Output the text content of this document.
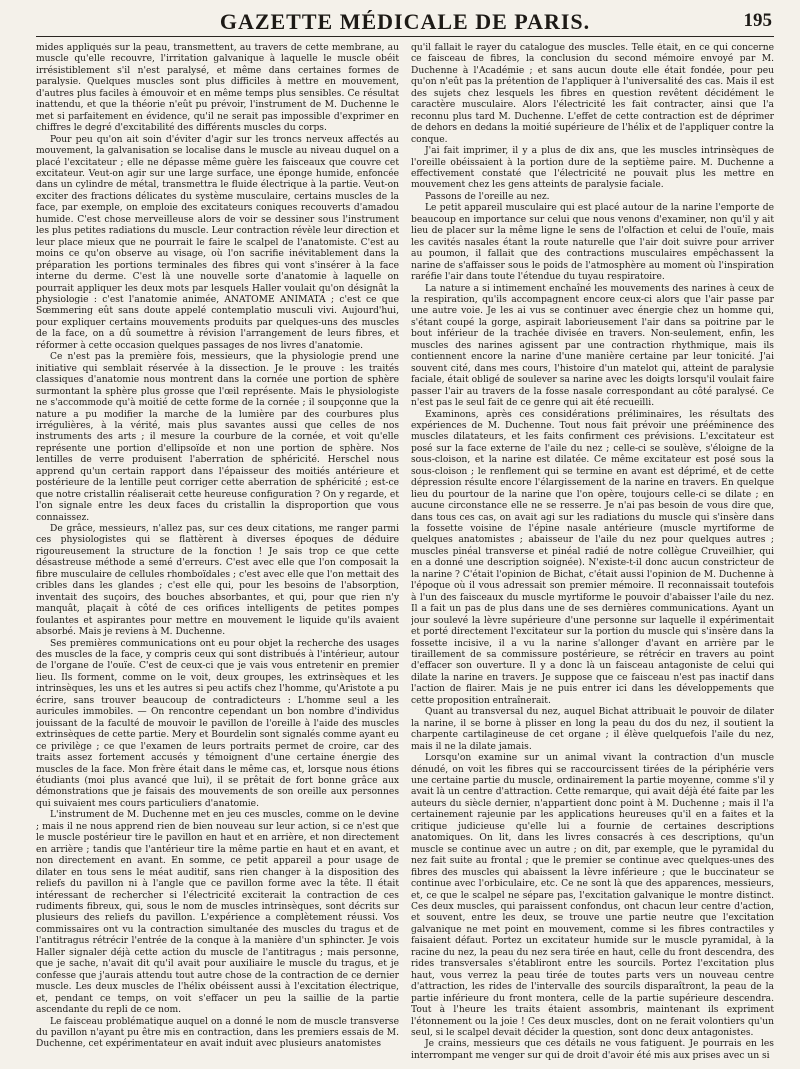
GAZETTE MÉDICALE DE PARIS.	195

mides appliqués sur la peau, transmettent, au travers de cette membrane, au muscle qu'elle recouvre, l'irritation galvanique à laquelle le muscle obéit irrésistiblement s'il n'est paralysé, et même dans certaines formes de paralysie. Quelques muscles sont plus difficiles à mettre en mouvement, d'autres plus faciles à émouvoir et en même temps plus sensibles. Ce résultat inattendu, et que la théorie n'eût pu prévoir, l'instrument de M. Duchenne le met si parfaitement en évidence, qu'il ne serait pas impossible d'exprimer en chiffres le degré d'excitabilité des différents muscles du corps.

Pour peu qu'on ait soin d'éviter d'agir sur les troncs nerveux affectés au mouvement, la galvanisation se localise dans le muscle au niveau duquel on a placé l'excitateur ; elle ne dépasse même guère les faisceaux que couvre cet excitateur. Veut-on agir sur une large surface, une éponge humide, enfoncée dans un cylindre de métal, transmettra le fluide électrique à la partie. Veut-on exciter des fractions délicates du système musculaire, certains muscles de la face, par exemple, on emploie des excitateurs coniques recouverts d'amadou humide. C'est chose merveilleuse alors de voir se dessiner sous l'instrument les plus petites radiations du muscle. Leur contraction révèle leur direction et leur place mieux que ne pourrait le faire le scalpel de l'anatomiste. C'est au moins ce qu'on observe au visage, où l'on sacrifie inévitablement dans la préparation les portions terminales des fibres qui vont s'insérer à la face interne du derme. C'est là une nouvelle sorte d'anatomie à laquelle on pourrait appliquer les deux mots par lesquels Haller voulait qu'on désignât la physiologie : c'est l'anatomie animée, ANATOME ANIMATA ; c'est ce que Sœmmering eût sans doute appelé contemplatio musculi vivi. Aujourd'hui, pour expliquer certains mouvements produits par quelques-uns des muscles de la face, on a dû soumettre à révision l'arrangement de leurs fibres, et réformer à cette occasion quelques passages de nos livres d'anatomie.

Ce n'est pas la première fois, messieurs, que la physiologie prend une initiative qui semblait réservée à la dissection. Je le prouve : les traités classiques d'anatomie nous montrent dans la cornée une portion de sphère surmontant la sphère plus grosse que l'œil représente. Mais le physiologiste ne s'accommode qu'à moitié de cette forme de la cornée ; il soupçonne que la nature a pu modifier la marche de la lumière par des courbures plus irrégulières, à la vérité, mais plus savantes aussi que celles de nos instruments des arts ; il mesure la courbure de la cornée, et voit qu'elle représente une portion d'ellipsoïde et non une portion de sphère. Nos lentilles de verre produisent l'aberration de sphéricité. Herschel nous apprend qu'un certain rapport dans l'épaisseur des moitiés antérieure et postérieure de la lentille peut corriger cette aberration de sphéricité ; est-ce que notre cristallin réaliserait cette heureuse configuration ? On y regarde, et l'on signale entre les deux faces du cristallin la disproportion que vous connaissez.

De grâce, messieurs, n'allez pas, sur ces deux citations, me ranger parmi ces physiologistes qui se flattèrent à diverses époques de déduire rigoureusement la structure de la fonction ! Je sais trop ce que cette désastreuse méthode a semé d'erreurs. C'est avec elle que l'on composait la fibre musculaire de cellules rhomboïdales ; c'est avec elle que l'on mettait des cribles dans les glandes ; c'est elle qui, pour les besoins de l'absorption, inventait des suçoirs, des bouches absorbantes, et qui, pour que rien n'y manquât, plaçait à côté de ces orifices intelligents de petites pompes foulantes et aspirantes pour mettre en mouvement le liquide qu'ils avaient absorbé. Mais je reviens à M. Duchenne.

Ses premières communications ont eu pour objet la recherche des usages des muscles de la face, y compris ceux qui sont distribués à l'intérieur, autour de l'organe de l'ouïe. C'est de ceux-ci que je vais vous entretenir en premier lieu. Ils forment, comme on le voit, deux groupes, les extrinsèques et les intrinsèques, les uns et les autres si peu actifs chez l'homme, qu'Aristote a pu écrire, sans trouver beaucoup de contradicteurs : L'homme seul a les auricules immobiles. — On rencontre cependant un bon nombre d'individus jouissant de la faculté de mouvoir le pavillon de l'oreille à l'aide des muscles extrinsèques de cette partie. Mery et Bourdelin sont signalés comme ayant eu ce privilège ; ce que l'examen de leurs portraits permet de croire, car des traits assez fortement accusés y témoignent d'une certaine énergie des muscles de la face. Mon frère était dans le même cas, et, lorsque nous étions étudiants (moi plus avancé que lui), il se prêtait de fort bonne grâce aux démonstrations que je faisais des mouvements de son oreille aux personnes qui suivaient mes cours particuliers d'anatomie.

L'instrument de M. Duchenne met en jeu ces muscles, comme on le devine ; mais il ne nous apprend rien de bien nouveau sur leur action, si ce n'est que le muscle postérieur tire le pavillon en haut et en arrière, et non directement en arrière ; tandis que l'antérieur tire la même partie en haut et en avant, et non directement en avant. En somme, ce petit appareil a pour usage de dilater en tous sens le méat auditif, sans rien changer à la disposition des reliefs du pavillon ni à l'angle que ce pavillon forme avec la tête. Il était intéressant de rechercher si l'électricité exciterait la contraction de ces rudiments fibreux, qui, sous le nom de muscles intrinsèques, sont décrits sur plusieurs des reliefs du pavillon. L'expérience a complètement réussi. Vos commissaires ont vu la contraction simultanée des muscles du tragus et de l'antitragus rétrécir l'entrée de la conque à la manière d'un sphincter. Je vois Haller signaler déjà cette action du muscle de l'antitragus ; mais personne, que je sache, n'avait dit qu'il avait pour auxiliaire le muscle du tragus, et je confesse que j'aurais attendu tout autre chose de la contraction de ce dernier muscle. Les deux muscles de l'hélix obéissent aussi à l'excitation électrique, et, pendant ce temps, on voit s'effacer un peu la saillie de la partie ascendante du repli de ce nom.

Le faisceau problématique auquel on a donné le nom de muscle transverse du pavillon n'ayant pu être mis en contraction, dans les premiers essais de M. Duchenne, cet expérimentateur en avait induit avec plusieurs anatomistes

qu'il fallait le rayer du catalogue des muscles. Telle était, en ce qui concerne ce faisceau de fibres, la conclusion du second mémoire envoyé par M. Duchenne à l'Académie ; et sans aucun doute elle était fondée, pour peu qu'on n'eût pas la prétention de l'appliquer à l'universalité des cas. Mais il est des sujets chez lesquels les fibres en question revêtent décidément le caractère musculaire. Alors l'électricité les fait contracter, ainsi que l'a reconnu plus tard M. Duchenne. L'effet de cette contraction est de déprimer de dehors en dedans la moitié supérieure de l'hélix et de l'appliquer contre la conque.

J'ai fait imprimer, il y a plus de dix ans, que les muscles intrinsèques de l'oreille obéissaient à la portion dure de la septième paire. M. Duchenne a effectivement constaté que l'électricité ne pouvait plus les mettre en mouvement chez les gens atteints de paralysie faciale.

Passons de l'oreille au nez.

Le petit appareil musculaire qui est placé autour de la narine l'emporte de beaucoup en importance sur celui que nous venons d'examiner, non qu'il y ait lieu de placer sur la même ligne le sens de l'olfaction et celui de l'ouïe, mais les cavités nasales étant la route naturelle que l'air doit suivre pour arriver au poumon, il fallait que des contractions musculaires empêchassent la narine de s'affaisser sous le poids de l'atmosphère au moment où l'inspiration raréfie l'air dans toute l'étendue du tuyau respiratoire.

La nature a si intimement enchaîné les mouvements des narines à ceux de la respiration, qu'ils accompagnent encore ceux-ci alors que l'air passe par une autre voie. Je les ai vus se continuer avec énergie chez un homme qui, s'étant coupé la gorge, aspirait laborieusement l'air dans sa poitrine par le bout inférieur de la trachée divisée en travers. Non-seulement, enfin, les muscles des narines agissent par une contraction rhythmique, mais ils contiennent encore la narine d'une manière certaine par leur tonicité. J'ai souvent cité, dans mes cours, l'histoire d'un matelot qui, atteint de paralysie faciale, était obligé de soulever sa narine avec les doigts lorsqu'il voulait faire passer l'air au travers de la fosse nasale correspondant au côté paralysé. Ce n'est pas le seul fait de ce genre qui ait été recueilli.

Examinons, après ces considérations préliminaires, les résultats des expériences de M. Duchenne. Tout nous fait prévoir une prééminence des muscles dilatateurs, et les faits confirment ces prévisions. L'excitateur est posé sur la face externe de l'aile du nez ; celle-ci se soulève, s'éloigne de la sous-cloison, et la narine est dilatée. Ce même excitateur est posé sous la sous-cloison ; le renflement qui se termine en avant est déprimé, et de cette dépression résulte encore l'élargissement de la narine en travers. En quelque lieu du pourtour de la narine que l'on opère, toujours celle-ci se dilate ; en aucune circonstance elle ne se resserre. Je n'ai pas besoin de vous dire que, dans tous ces cas, on avait agi sur les radiations du muscle qui s'insère dans la fossette voisine de l'épine nasale antérieure (muscle myrtiforme de quelques anatomistes ; abaisseur de l'aile du nez pour quelques autres ; muscles pinéal transverse et pinéal radié de notre collègue Cruveilhier, qui en a donné une description soignée). N'existe-t-il donc aucun constricteur de la narine ? C'était l'opinion de Bichat, c'était aussi l'opinion de M. Duchenne à l'époque où il vous adressait son premier mémoire. Il reconnaissait toutefois à l'un des faisceaux du muscle myrtiforme le pouvoir d'abaisser l'aile du nez. Il a fait un pas de plus dans une de ses dernières communications. Ayant un jour soulevé la lèvre supérieure d'une personne sur laquelle il expérimentait et porté directement l'excitateur sur la portion du muscle qui s'insère dans la fossette incisive, il a vu la narine s'allonger d'avant en arrière par le tiraillement de sa commissure postérieure, se rétrécir en travers au point d'effacer son ouverture. Il y a donc là un faisceau antagoniste de celui qui dilate la narine en travers. Je suppose que ce faisceau n'est pas inactif dans l'action de flairer. Mais je ne puis entrer ici dans les développements que cette proposition entraînerait.

Quant au transversal du nez, auquel Bichat attribuait le pouvoir de dilater la narine, il se borne à plisser en long la peau du dos du nez, il soutient la charpente cartilagineuse de cet organe ; il élève quelquefois l'aile du nez, mais il ne la dilate jamais.

Lorsqu'on examine sur un animal vivant la contraction d'un muscle dénudé, on voit les fibres qui se raccourcissent tirées de la périphérie vers une certaine partie du muscle, ordinairement la partie moyenne, comme s'il y avait là un centre d'attraction. Cette remarque, qui avait déjà été faite par les auteurs du siècle dernier, n'appartient donc point à M. Duchenne ; mais il l'a certainement rajeunie par les applications heureuses qu'il en a faites et la critique judicieuse qu'elle lui a fournie de certaines descriptions anatomiques. On lit, dans les livres consacrés à ces descriptions, qu'un muscle se continue avec un autre ; on dit, par exemple, que le pyramidal du nez fait suite au frontal ; que le premier se continue avec quelques-unes des fibres des muscles qui abaissent la lèvre inférieure ; que le buccinateur se continue avec l'orbiculaire, etc. Ce ne sont là que des apparences, messieurs, et, ce que le scalpel ne sépare pas, l'excitation galvanique le montre distinct. Ces deux muscles, qui paraissent confondus, ont chacun leur centre d'action, et souvent, entre les deux, se trouve une partie neutre que l'excitation galvanique ne met point en mouvement, comme si les fibres contractiles y faisaient défaut. Portez un excitateur humide sur le muscle pyramidal, à la racine du nez, la peau du nez sera tirée en haut, celle du front descendra, des rides transversales s'établiront entre les sourcils. Portez l'excitation plus haut, vous verrez la peau tirée de toutes parts vers un nouveau centre d'attraction, les rides de l'intervalle des sourcils disparaîtront, la peau de la partie inférieure du front montera, celle de la partie supérieure descendra. Tout à l'heure les traits étaient assombris, maintenant ils expriment l'étonnement ou la joie ! Ces deux muscles, dont on ne ferait volontiers qu'un seul, si le scalpel devait décider la question, sont donc deux antagonistes.

Je crains, messieurs que ces détails ne vous fatiguent. Je pourrais en les interrompant me venger sur qui de droit d'avoir été mis aux prises avec un si
